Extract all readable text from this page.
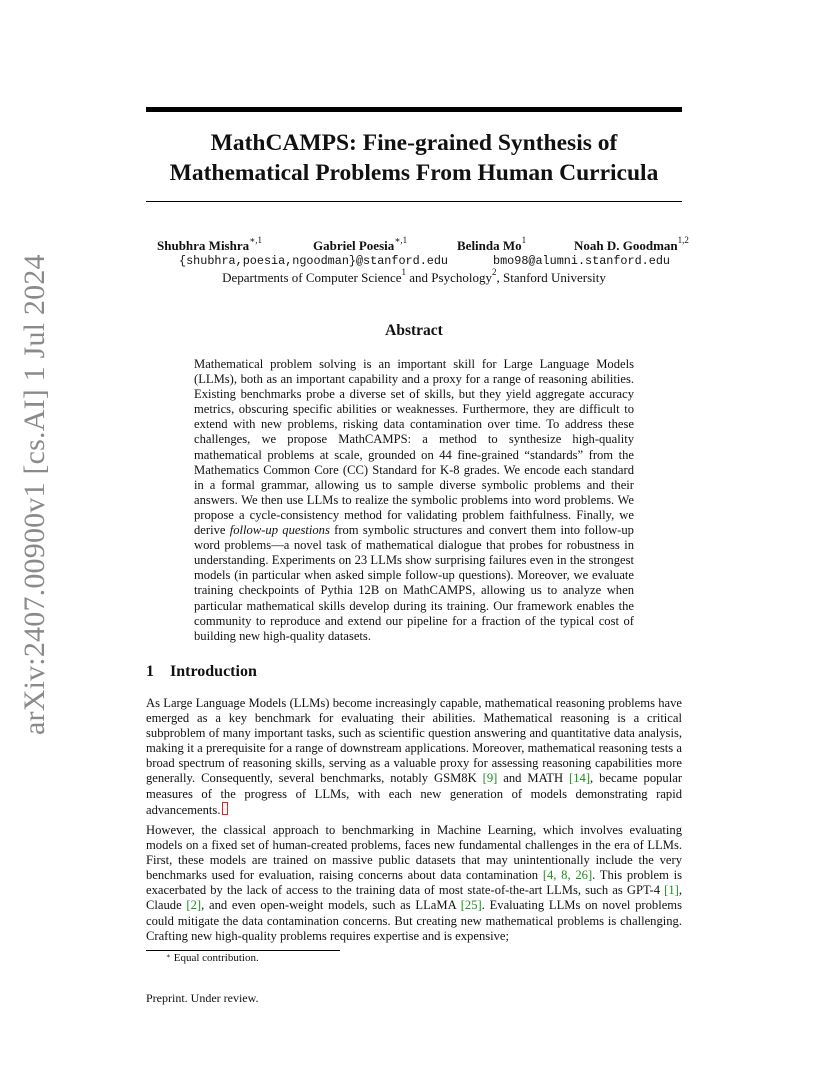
arXiv:2407.00900v1 [cs.AI] 1 Jul 2024
MathCAMPS: Fine-grained Synthesis of
Mathematical Problems From Human Curricula
Shubhra Mishra$^{∗,1}$	Gabriel Poesia$^{∗,1}$	Belinda Mo$^1$	Noah D. Goodman$^{1,2}$
{shubhra,poesia,ngoodman}@stanford.edu	bmo98@alumni.stanford.edu
Departments of Computer Science$^1$ and Psychology$^2$, Stanford University
Abstract

Mathematical problem solving is an important skill for Large Language Models (LLMs), both as an important capability and a proxy for a range of reasoning abilities. Existing benchmarks probe a diverse set of skills, but they yield aggregate accuracy metrics, obscuring specific abilities or weaknesses. Furthermore, they are difficult to extend with new problems, risking data contamination over time. To address these challenges, we propose MathCAMPS: a method to synthesize high-quality mathematical problems at scale, grounded on 44 fine-grained “standards” from the Mathematics Common Core (CC) Standard for K-8 grades. We encode each standard in a formal grammar, allowing us to sample diverse symbolic problems and their answers. We then use LLMs to realize the symbolic problems into word problems. We propose a cycle-consistency method for validating problem faithfulness. Finally, we derive follow-up questions from symbolic structures and convert them into follow-up word problems—a novel task of mathematical dialogue that probes for robustness in understanding. Experiments on 23 LLMs show surprising failures even in the strongest models (in particular when asked simple follow-up questions). Moreover, we evaluate training checkpoints of Pythia 12B on MathCAMPS, allowing us to analyze when particular mathematical skills develop during its training. Our framework enables the community to reproduce and extend our pipeline for a fraction of the typical cost of building new high-quality datasets.

1 Introduction

As Large Language Models (LLMs) become increasingly capable, mathematical reasoning problems have emerged as a key benchmark for evaluating their abilities. Mathematical reasoning is a critical subproblem of many important tasks, such as scientific question answering and quantitative data analysis, making it a prerequisite for a range of downstream applications. Moreover, mathematical reasoning tests a broad spectrum of reasoning skills, serving as a valuable proxy for assessing reasoning capabilities more generally. Consequently, several benchmarks, notably GSM8K [9] and MATH [14], became popular measures of the progress of LLMs, with each new generation of models demonstrating rapid advancements.

However, the classical approach to benchmarking in Machine Learning, which involves evaluating models on a fixed set of human-created problems, faces new fundamental challenges in the era of LLMs. First, these models are trained on massive public datasets that may unintentionally include the very benchmarks used for evaluation, raising concerns about data contamination [4, 8, 26]. This problem is exacerbated by the lack of access to the training data of most state-of-the-art LLMs, such as GPT-4 [1], Claude [2], and even open-weight models, such as LLaMA [25]. Evaluating LLMs on novel problems could mitigate the data contamination concerns. But creating new mathematical problems is challenging. Crafting new high-quality problems requires expertise and is expensive;

∗ Equal contribution.
Preprint. Under review.
